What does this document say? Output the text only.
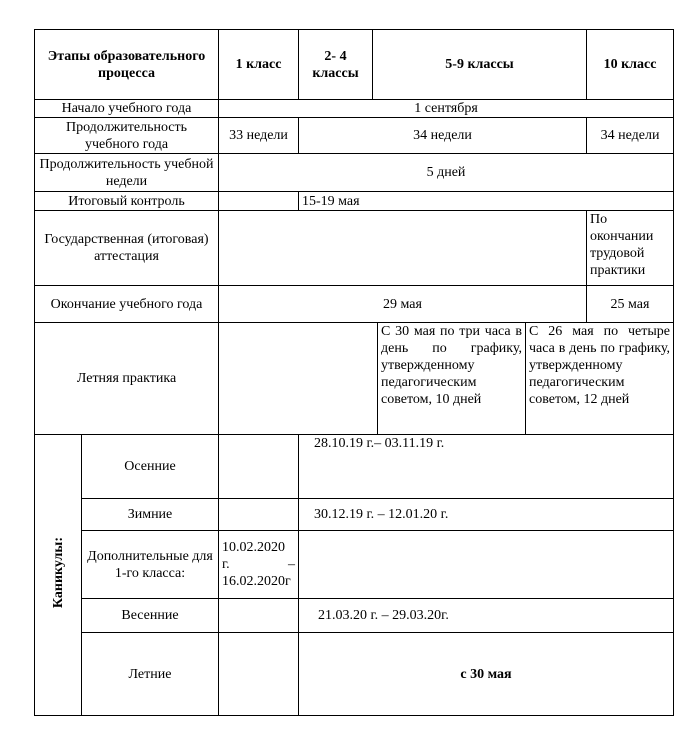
Этапы образовательного процесса		1 класс	2- 4 классы	5-9 классы			10 класс
Начало учебного года		1 сентября					
Продолжительность учебного года		33 недели	34 недели				34 недели
Продолжительность учебной недели		5 дней					
Итоговый контроль			15-19 мая				
Государственная (итоговая) аттестация							По окончании трудовой практики
Окончание учебного года		29 мая					25 мая
Летняя практика					С 30 мая по три часа в день по графику, утвержденному педагогическим советом, 10 дней	С 26 мая по четыре часа в день по графику, утвержденному педагогическим советом, 12 дней	
Каникулы:	Осенние		28.10.19 г.– 03.11.19 г.				
	Зимние		30.12.19 г. – 12.01.20 г.				
	Дополнительные для 1-го класса:	10.02.2020 г. – 16.02.2020г					
	Весенние		21.03.20 г. – 29.03.20г.				
	Летние		с 30 мая				
